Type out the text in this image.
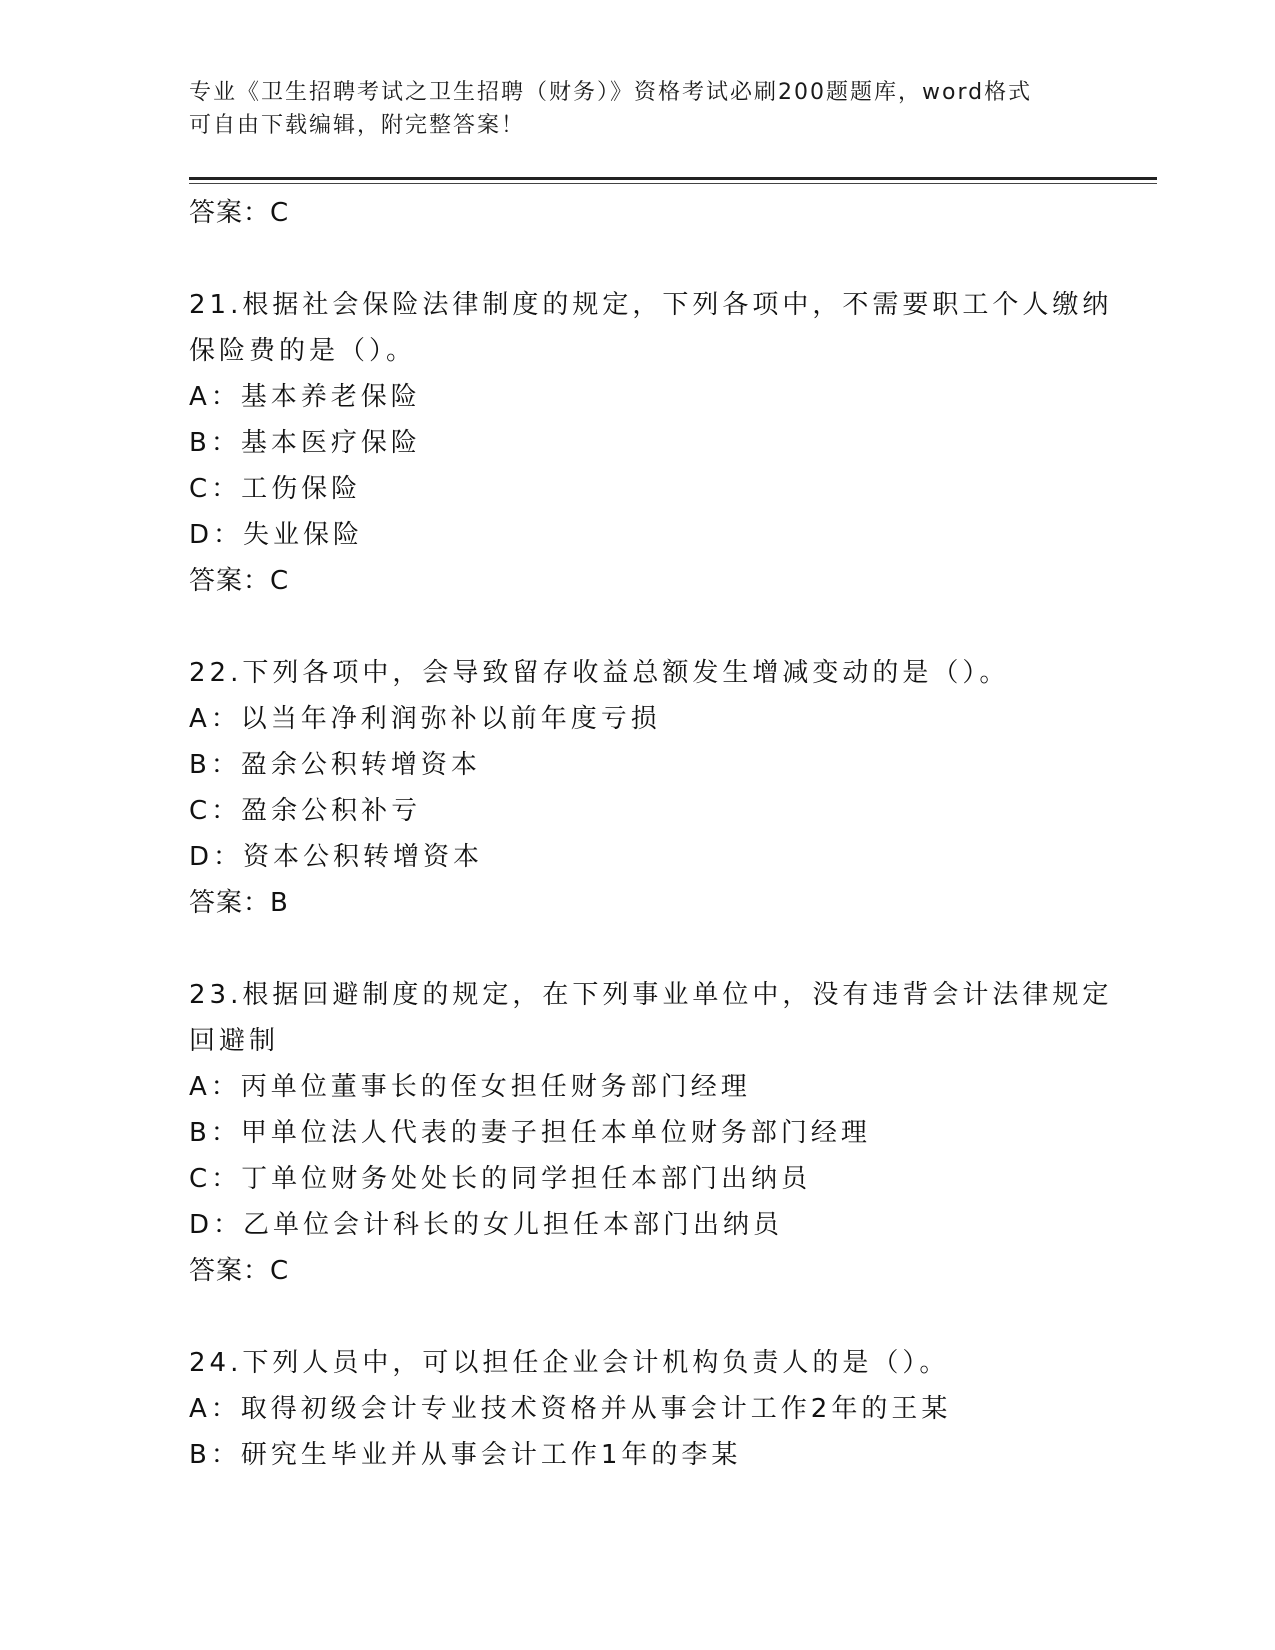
专业《卫生招聘考试之卫生招聘（财务）》资格考试必刷200题题库，word格式
可自由下载编辑，附完整答案！
答案：C
21.根据社会保险法律制度的规定，下列各项中，不需要职工个人缴纳
保险费的是（）。
A：基本养老保险
B：基本医疗保险
C：工伤保险
D：失业保险
答案：C
22.下列各项中，会导致留存收益总额发生增减变动的是（）。
A：以当年净利润弥补以前年度亏损
B：盈余公积转增资本
C：盈余公积补亏
D：资本公积转增资本
答案：B
23.根据回避制度的规定，在下列事业单位中，没有违背会计法律规定
回避制
A：丙单位董事长的侄女担任财务部门经理
B：甲单位法人代表的妻子担任本单位财务部门经理
C：丁单位财务处处长的同学担任本部门出纳员
D：乙单位会计科长的女儿担任本部门出纳员
答案：C
24.下列人员中，可以担任企业会计机构负责人的是（）。
A：取得初级会计专业技术资格并从事会计工作2年的王某
B：研究生毕业并从事会计工作1年的李某
